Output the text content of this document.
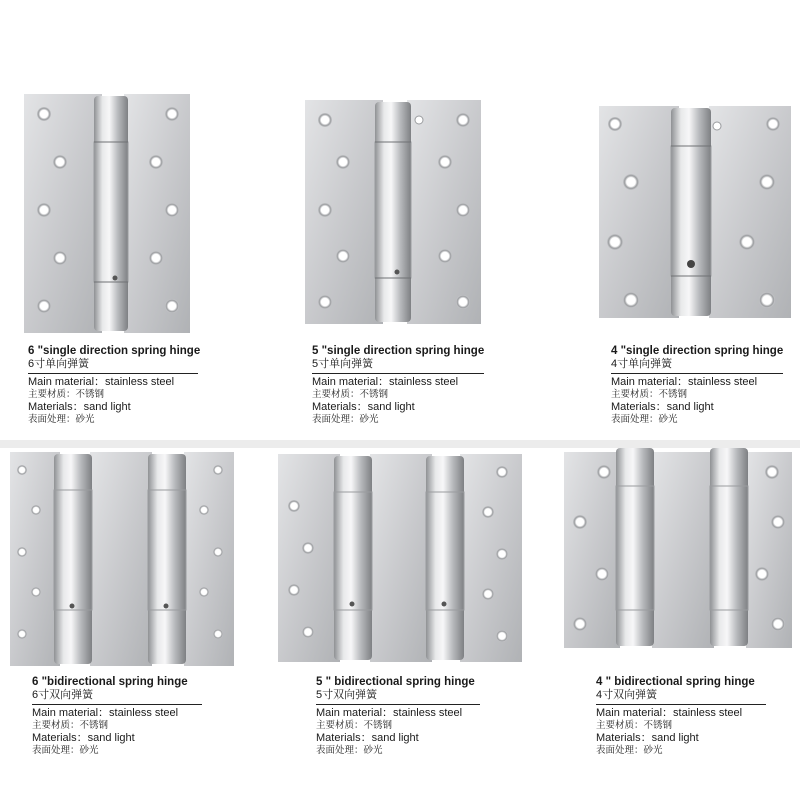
6 "single direction spring hinge
6寸单向弹簧
Main material：stainless steel
主要材质：不锈钢
Materials：sand light
表面处理：砂光
5 "single direction spring hinge
5寸单向弹簧
Main material：stainless steel
主要材质：不锈钢
Materials：sand light
表面处理：砂光
4 "single direction spring hinge
4寸单向弹簧
Main material：stainless steel
主要材质：不锈钢
Materials：sand light
表面处理：砂光
6 "bidirectional spring hinge
6寸双向弹簧
Main material：stainless steel
主要材质：不锈钢
Materials：sand light
表面处理：砂光
5 " bidirectional spring hinge
5寸双向弹簧
Main material：stainless steel
主要材质：不锈钢
Materials：sand light
表面处理：砂光
4 " bidirectional spring hinge
4寸双向弹簧
Main material：stainless steel
主要材质：不锈钢
Materials：sand light
表面处理：砂光
